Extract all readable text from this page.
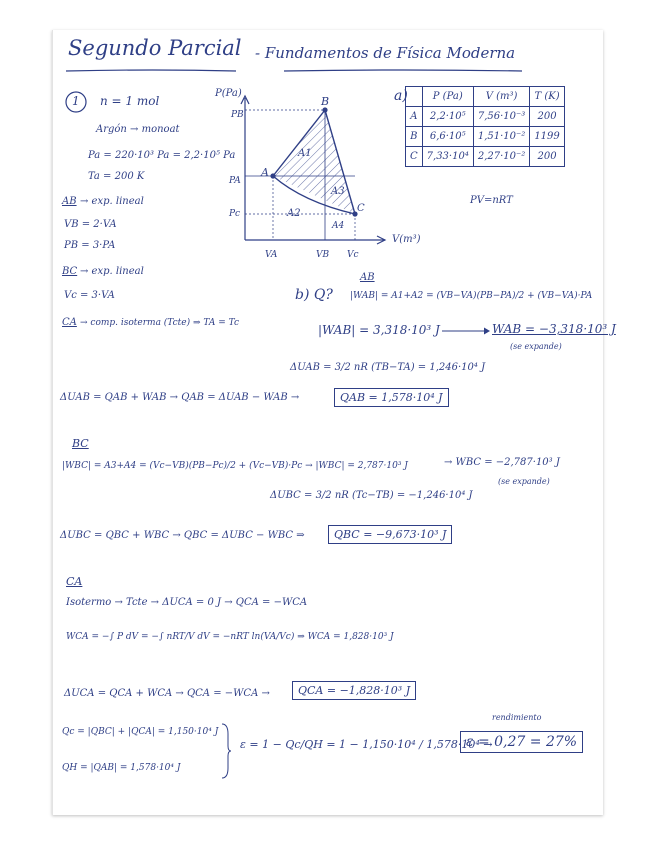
Segundo Parcial - Fundamentos de Física Moderna
1 n = 1 mol
Argón → monoat
Pa = 220·10³ Pa = 2,2·10⁵ Pa
Ta = 200 K
AB → exp. lineal
VB = 2·VA
PB = 3·PA
BC → exp. lineal
Vc = 3·VA
CA → comp. isoterma (Tcte) ⇒ TA = Tc
P(Pa)
V(m³)
A
B
C
PB
PA
Pc
VA	VB Vc
A1
A2
A3
A4
a)
	P (Pa)	V (m³)	T (K)
A	2,2·10⁵	7,56·10⁻³	200
B	6,6·10⁵	1,51·10⁻²	1199
C	7,33·10⁴	2,27·10⁻²	200
PV=nRT
AB
b) Q? |WAB| = A1+A2 = (VB−VA)(PB−PA)/2 + (VB−VA)·PA
|WAB| = 3,318·10³ J	WAB = −3,318·10³ J
(se expande)
ΔUAB = 3/2 nR (TB−TA) = 1,246·10⁴ J
ΔUAB = QAB + WAB → QAB = ΔUAB − WAB →	QAB = 1,578·10⁴ J
BC
|WBC| = A3+A4 = (Vc−VB)(PB−Pc)/2 + (Vc−VB)·Pc → |WBC| = 2,787·10³ J	→ WBC = −2,787·10³ J
(se expande)
ΔUBC = 3/2 nR (Tc−TB) = −1,246·10⁴ J
ΔUBC = QBC + WBC → QBC = ΔUBC − WBC ⇒	QBC = −9,673·10³ J
CA
Isotermo → Tcte → ΔUCA = 0 J → QCA = −WCA
WCA = −∫ P dV = −∫ nRT/V dV = −nRT ln(VA/Vc) ⇒ WCA = 1,828·10³ J
ΔUCA = QCA + WCA → QCA = −WCA →	QCA = −1,828·10³ J
Qc = |QBC| + |QCA| = 1,150·10⁴ J
QH = |QAB| = 1,578·10⁴ J
ε = 1 − Qc/QH = 1 − 1,150·10⁴ / 1,578·10⁴ →
rendimiento
ε = 0,27 = 27%
